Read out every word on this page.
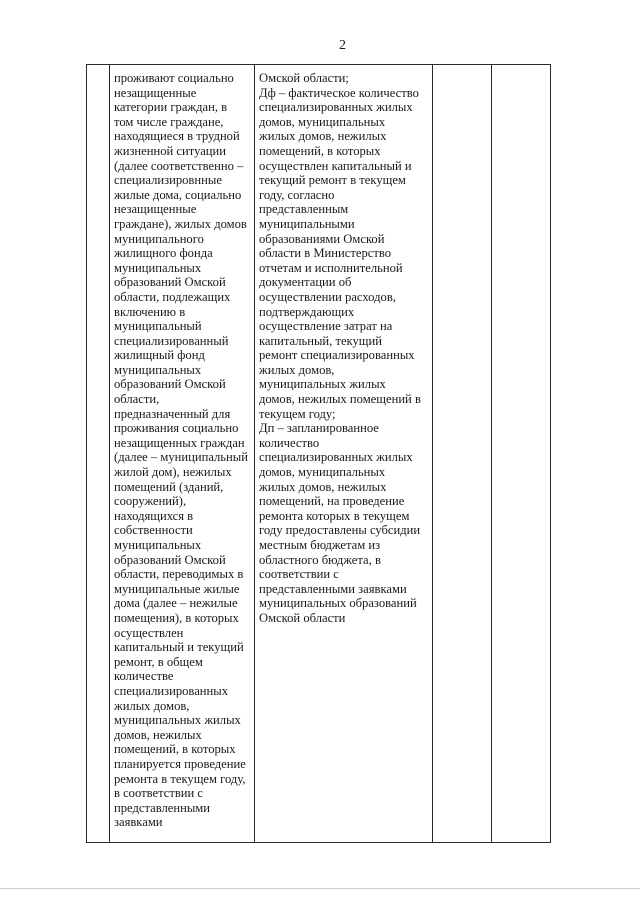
2
проживают социально
незащищенные
категории граждан, в
том числе граждане,
находящиеся в трудной
жизненной ситуации
(далее соответственно –
специализировнные
жилые дома, социально
незащищенные
граждане), жилых домов
муниципального
жилищного фонда
муниципальных
образований Омской
области, подлежащих
включению в
муниципальный
специализированный
жилищный фонд
муниципальных
образований Омской
области,
предназначенный для
проживания социально
незащищенных граждан
(далее – муниципальный
жилой дом), нежилых
помещений (зданий,
сооружений),
находящихся в
собственности
муниципальных
образований Омской
области, переводимых в
муниципальные жилые
дома (далее – нежилые
помещения), в которых
осуществлен
капитальный и текущий
ремонт, в общем
количестве
специализированных
жилых домов,
муниципальных жилых
домов, нежилых
помещений, в которых
планируется проведение
ремонта в текущем году,
в соответствии с
представленными
заявками
Омской области;
Дф – фактическое количество
специализированных жилых
домов, муниципальных
жилых домов, нежилых
помещений, в которых
осуществлен капитальный и
текущий ремонт в текущем
году, согласно
представленным
муниципальными
образованиями Омской
области в Министерство
отчетам и исполнительной
документации об
осуществлении расходов,
подтверждающих
осуществление затрат на
капитальный, текущий
ремонт специализированных
жилых домов,
муниципальных жилых
домов, нежилых помещений в
текущем году;
Дп – запланированное
количество
специализированных жилых
домов, муниципальных
жилых домов, нежилых
помещений, на проведение
ремонта которых в текущем
году предоставлены субсидии
местным бюджетам из
областного бюджета, в
соответствии с
представленными заявками
муниципальных образований
Омской области
